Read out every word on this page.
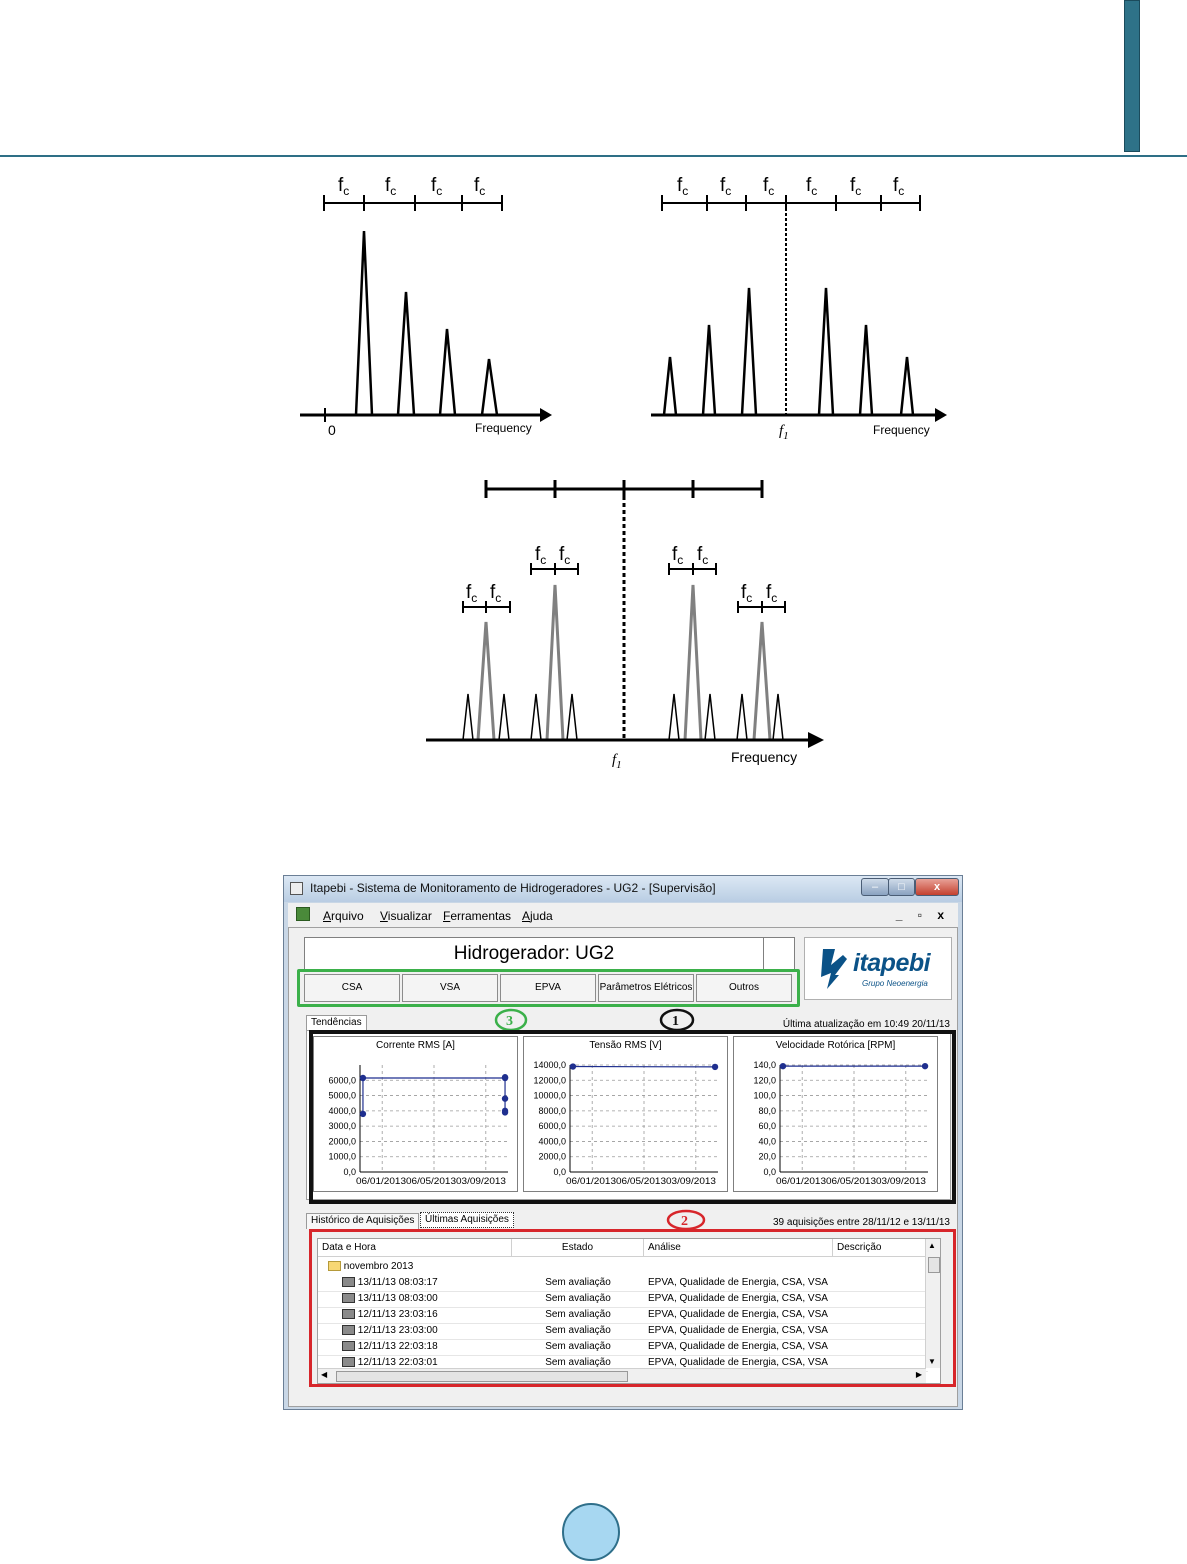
$f_c$ $f_c$ $f_c$ $f_c$
0	Frequency
$f_c$ $f_c$ $f_c$ $f_c$ $f_c$ $f_c$
$f_1$	Frequency
$f_c$ $f_c$
$f_c$ $f_c$	$f_c$ $f_c$
$f_c$ $f_c$
$f_1$	Frequency
Itapebi - Sistema de Monitoramento de Hidrogeradores - UG2 - [Supervisão]	–	□	x
Arquivo Visualizar Ferramentas Ajuda	_ ▫ x
Hidrogerador: UG2	itapebi
Grupo Neoenergia
CSA	VSA	EPVA	Parâmetros Elétricos	Outros
3	1
Tendências	Última atualização em 10:49 20/11/13
Corrente RMS [A]
6000,0
5000,0
4000,0
3000,0
2000,0
1000,0
0,0
06/01/201306/05/201303/09/2013
Tensão RMS [V]
14000,0
12000,0
10000,0
8000,0
6000,0
4000,0
2000,0
0,0
06/01/201306/05/201303/09/2013
Velocidade Rotórica [RPM]
140,0
120,0
100,0
80,0
60,0
40,0
20,0
0,0
06/01/201306/05/201303/09/2013
2
Histórico de Aquisições	Últimas Aquisições	39 aquisições entre 28/11/12 e 13/11/13
Data e Hora	Estado	Análise	Descrição
novembro 2013
13/11/13 08:03:17	Sem avaliação	EPVA, Qualidade de Energia, CSA, VSA
13/11/13 08:03:00	Sem avaliação	EPVA, Qualidade de Energia, CSA, VSA
12/11/13 23:03:16	Sem avaliação	EPVA, Qualidade de Energia, CSA, VSA
12/11/13 23:03:00	Sem avaliação	EPVA, Qualidade de Energia, CSA, VSA
12/11/13 22:03:18	Sem avaliação	EPVA, Qualidade de Energia, CSA, VSA
12/11/13 22:03:01	Sem avaliação	EPVA, Qualidade de Energia, CSA, VSA
▲
▼
◀	▶
